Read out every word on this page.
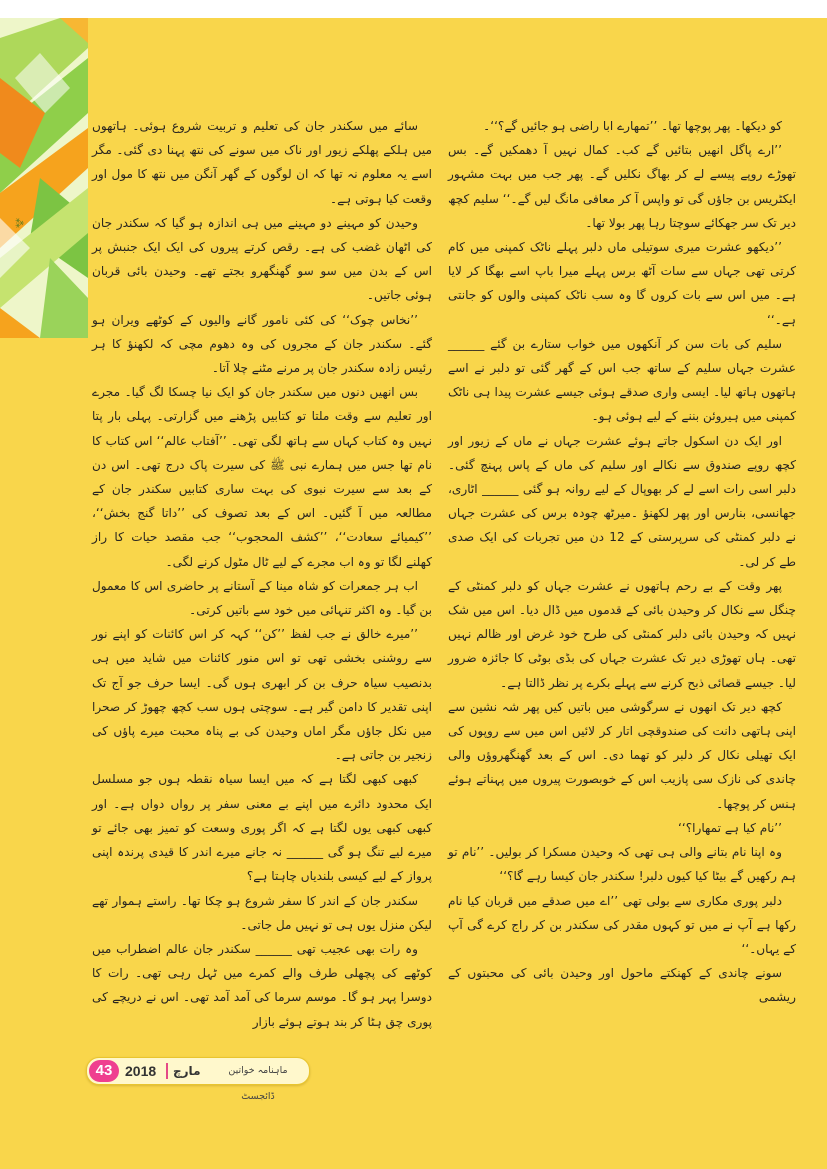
⁂

کو دیکھا۔ پھر پوچھا تھا۔ ’’تمھارے ابا راضی ہو جائیں گے؟‘‘۔

’’ارے پاگل انھیں بتائیں گے کب۔ کمال نہیں آ دھمکیں گے۔ بس تھوڑے روپے پیسے لے کر بھاگ نکلیں گے۔ پھر جب میں بہت مشہور ایکٹریس بن جاؤں گی تو واپس آ کر معافی مانگ لیں گے۔‘‘ سلیم کچھ دیر تک سر جھکائے سوچتا رہا پھر بولا تھا۔

’’دیکھو عشرت میری سوتیلی ماں دلبر پہلے ناٹک کمپنی میں کام کرتی تھی جہاں سے سات آٹھ برس پہلے میرا باپ اسے بھگا کر لایا ہے۔ میں اس سے بات کروں گا وہ سب ناٹک کمپنی والوں کو جانتی ہے۔‘‘

سلیم کی بات سن کر آنکھوں میں خواب ستارے بن گئے ______ عشرت جہاں سلیم کے ساتھ جب اس کے گھر گئی تو دلبر نے اسے ہاتھوں ہاتھ لیا۔ ایسی واری صدقے ہوئی جیسے عشرت پیدا ہی ناٹک کمپنی میں ہیروئن بننے کے لیے ہوئی ہو۔

اور ایک دن اسکول جاتے ہوئے عشرت جہاں نے ماں کے زیور اور کچھ روپے صندوق سے نکالے اور سلیم کی ماں کے پاس پہنچ گئی۔ دلبر اسی رات اسے لے کر بھوپال کے لیے روانہ ہو گئی ______ اٹاری، جھانسی، بنارس اور پھر لکھنؤ ۔میرٹھ چودہ برس کی عشرت جہاں نے دلبر کمنٹی کی سرپرستی کے 12 دن میں تجربات کی ایک صدی طے کر لی۔

پھر وقت کے بے رحم ہاتھوں نے عشرت جہاں کو دلبر کمنٹی کے چنگل سے نکال کر وحیدن بائی کے قدموں میں ڈال دیا۔ اس میں شک نہیں کہ وحیدن بائی دلبر کمنٹی کی طرح خود غرض اور ظالم نہیں تھی۔ ہاں تھوڑی دیر تک عشرت جہاں کی بڈی بوٹی کا جائزہ ضرور لیا۔ جیسے قصائی ذبح کرنے سے پہلے بکرے پر نظر ڈالتا ہے۔

کچھ دیر تک انھوں نے سرگوشی میں باتیں کیں پھر شہ نشین سے اپنی ہاتھی دانت کی صندوقچی اتار کر لائیں اس میں سے روپوں کی ایک تھیلی نکال کر دلبر کو تھما دی۔ اس کے بعد گھنگھروؤں والی چاندی کی نازک سی پازیب اس کے خوبصورت پیروں میں پہناتے ہوئے ہنس کر پوچھا۔

’’نام کیا ہے تمھارا؟‘‘

وہ اپنا نام بتانے والی ہی تھی کہ وحیدن مسکرا کر بولیں۔ ’’نام تو ہم رکھیں گے بیٹا کیا کیوں دلبر! سکندر جان کیسا رہے گا؟‘‘

دلبر پوری مکاری سے بولی تھی ’’اے میں صدقے میں قربان کیا نام رکھا ہے آپ نے میں تو کہوں مقدر کی سکندر بن کر راج کرے گی آپ کے یہاں۔‘‘

سونے چاندی کے کھنکتے ماحول اور وحیدن بائی کی محبتوں کے ریشمی

سائے میں سکندر جان کی تعلیم و تربیت شروع ہوئی۔ ہاتھوں میں ہلکے پھلکے زیور اور ناک میں سونے کی نتھ پہنا دی گئی۔ مگر اسے یہ معلوم نہ تھا کہ ان لوگوں کے گھر آنگن میں نتھ کا مول اور وقعت کیا ہوتی ہے۔

وحیدن کو مہینے دو مہینے میں ہی اندازہ ہو گیا کہ سکندر جان کی اٹھان غضب کی ہے۔ رقص کرتے پیروں کی ایک ایک جنبش پر اس کے بدن میں سو سو گھنگھرو بجتے تھے۔ وحیدن بائی قربان ہوئی جاتیں۔

’’نخاس چوک‘‘ کی کئی نامور گانے والیوں کے کوٹھے ویران ہو گئے۔ سکندر جان کے مجروں کی وہ دھوم مچی کہ لکھنؤ کا ہر رئیس زادہ سکندر جان پر مرنے مٹنے چلا آتا۔

بس انھیں دنوں میں سکندر جان کو ایک نیا چسکا لگ گیا۔ مجرے اور تعلیم سے وقت ملتا تو کتابیں پڑھنے میں گزارتی۔ پہلی بار پتا نہیں وہ کتاب کہاں سے ہاتھ لگی تھی۔ ’’آفتاب عالم‘‘ اس کتاب کا نام تھا جس میں ہمارے نبی ﷺ کی سیرت پاک درج تھی۔ اس دن کے بعد سے سیرت نبوی کی بہت ساری کتابیں سکندر جان کے مطالعہ میں آ گئیں۔ اس کے بعد تصوف کی ’’داتا گنج بخش‘‘، ’’کیمیائے سعادت‘‘، ’’کشف المحجوب‘‘ جب مقصد حیات کا راز کھلنے لگا تو وہ اب مجرے کے لیے ٹال مٹول کرنے لگی۔

اب ہر جمعرات کو شاہ مینا کے آستانے پر حاضری اس کا معمول بن گیا۔ وہ اکثر تنہائی میں خود سے باتیں کرتی۔

’’میرے خالق نے جب لفظ ’’کن‘‘ کہہ کر اس کائنات کو اپنے نور سے روشنی بخشی تھی تو اس منور کائنات میں شاید میں ہی بدنصیب سیاہ حرف بن کر ابھری ہوں گی۔ ایسا حرف جو آج تک اپنی تقدیر کا دامن گیر ہے۔ سوچتی ہوں سب کچھ چھوڑ کر صحرا میں نکل جاؤں مگر اماں وحیدن کی بے پناہ محبت میرے پاؤں کی زنجیر بن جاتی ہے۔

کبھی کبھی لگتا ہے کہ میں ایسا سیاہ نقطہ ہوں جو مسلسل ایک محدود دائرے میں اپنے بے معنی سفر پر رواں دواں ہے۔ اور کبھی کبھی یوں لگتا ہے کہ اگر پوری وسعت کو تمیز بھی جائے تو میرے لیے تنگ ہو گی ______ نہ جانے میرے اندر کا قیدی پرندہ اپنی پرواز کے لیے کیسی بلندیاں چاہتا ہے؟

سکندر جان کے اندر کا سفر شروع ہو چکا تھا۔ راستے ہموار تھے لیکن منزل یوں ہی تو نہیں مل جاتی۔

وہ رات بھی عجیب تھی ______ سکندر جان عالم اضطراب میں کوٹھے کی پچھلی طرف والے کمرے میں ٹہل رہی تھی۔ رات کا دوسرا پہر ہو گا۔ موسم سرما کی آمد آمد تھی۔ اس نے دریچے کی پوری چق ہٹا کر بند ہوتے ہوئے بازار

43 2018 مارچ	ماہنامہ خواتین ڈائجسٹ
